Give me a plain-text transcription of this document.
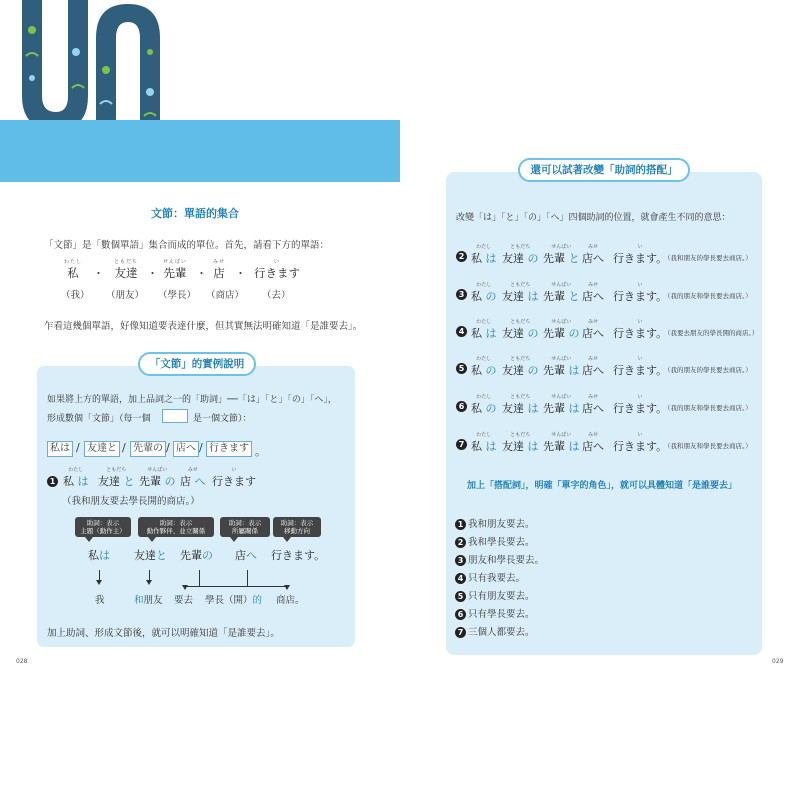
文節：單語的集合
「文節」是「數個單語」集合而成的單位。首先，請看下方的單語：
わたし
私 ・
ともだち
友達 ・
せんぱい
先輩 ・
みせ
店 ・
い
行きます
（我） （朋友） （學長） （商店） （去）
乍看這幾個單語，好像知道要表達什麼，但其實無法明確知道「是誰要去」。
「文節」的實例說明
如果將上方的單語，加上品詞之一的「助詞」──「は」「と」「の」「へ」，
形成數個「文節」（每一個	是一個文節）：
私は / 友達と / 先輩の / 店へ / 行きます 。
1
わたし
私 は
ともだち
友達 と
せんぱい
先輩 の
みせ
店 へ
い
行きます
（我和朋友要去學長開的商店。）
助詞：表示
主題（動作主）
助詞：表示
動作夥伴、並立關係
助詞：表示
所屬關係
助詞：表示
移動方向
私は 友達と 先輩の 店へ 行きます。
我	和朋友 要去 學長（開）的 商店。
加上助詞、形成文節後，就可以明確知道「是誰要去」。
028
還可以試著改變「助詞的搭配」
改變「は」「と」「の」「へ」四個助詞的位置，就會產生不同的意思：
2
わたし
私 は
ともだち
友達 の
せんぱい
先輩 と
みせ
店へ
い
行きます。
（我和朋友的學長要去商店。）
3
わたし
私 の
ともだち
友達 は
せんぱい
先輩 と
みせ
店へ
い
行きます。
（我的朋友和學長要去商店。）
4
わたし
私 は
ともだち
友達 の
せんぱい
先輩 の
みせ
店へ
い
行きます。
（我要去朋友的學長開的商店。）
5
わたし
私 の
ともだち
友達 の
せんぱい
先輩 は
みせ
店へ
い
行きます。
（我的朋友的學長要去商店。）
6
わたし
私 の
ともだち
友達 は
せんぱい
先輩 は
みせ
店へ
い
行きます。
（我的朋友和學長要去商店。）
7
わたし
私 は
ともだち
友達 は
せんぱい
先輩 は
みせ
店へ
い
行きます。
（我和朋友和學長要去商店。）
加上「搭配詞」，明確「單字的角色」，就可以具體知道「是誰要去」
1 我和朋友要去。
2 我和學長要去。
3 朋友和學長要去。
4 只有我要去。
5 只有朋友要去。
6 只有學長要去。
7 三個人都要去。
029
